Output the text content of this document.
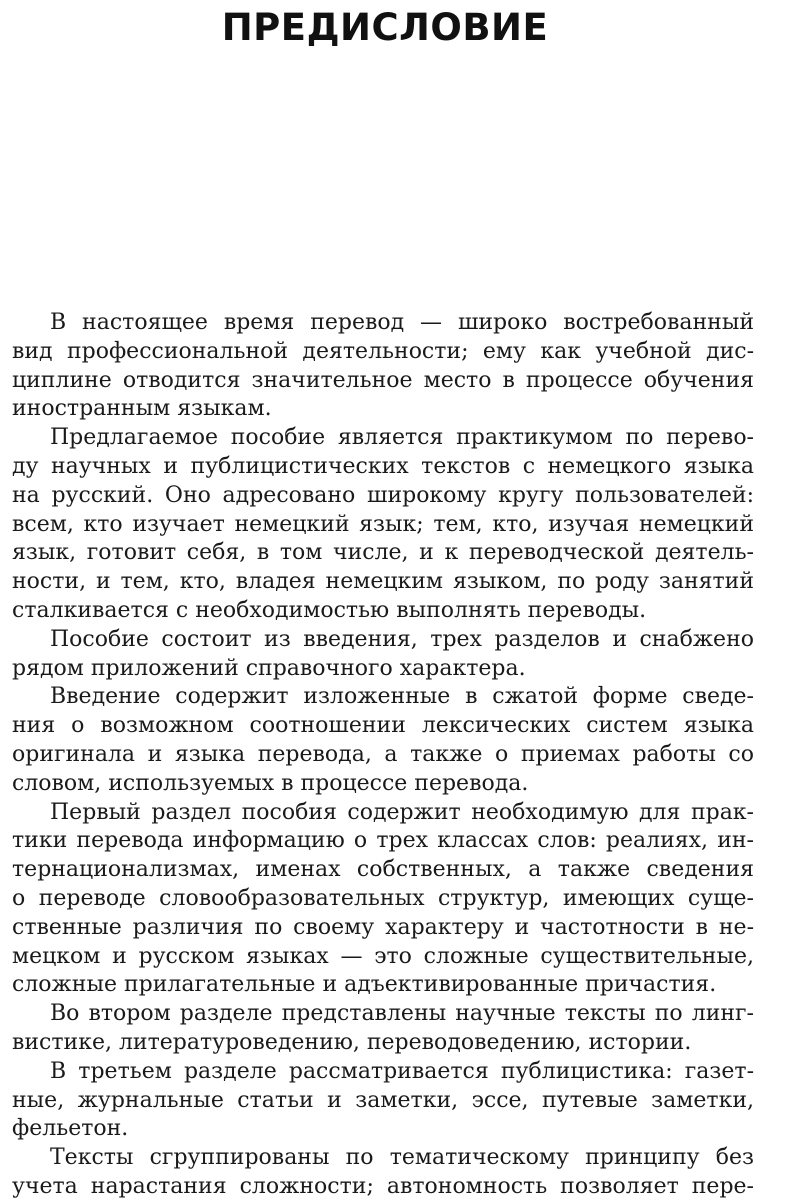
ПРЕДИСЛОВИЕ

В настоящее время перевод — широко востребованный
вид профессиональной деятельности; ему как учебной дис-
циплине отводится значительное место в процессе обучения
иностранным языкам.

Предлагаемое пособие является практикумом по перево-
ду научных и публицистических текстов с немецкого языка
на русский. Оно адресовано широкому кругу пользователей:
всем, кто изучает немецкий язык; тем, кто, изучая немецкий
язык, готовит себя, в том числе, и к переводческой деятель-
ности, и тем, кто, владея немецким языком, по роду занятий
сталкивается с необходимостью выполнять переводы.

Пособие состоит из введения, трех разделов и снабжено
рядом приложений справочного характера.

Введение содержит изложенные в сжатой форме сведе-
ния о возможном соотношении лексических систем языка
оригинала и языка перевода, а также о приемах работы со
словом, используемых в процессе перевода.

Первый раздел пособия содержит необходимую для прак-
тики перевода информацию о трех классах слов: реалиях, ин-
тернационализмах, именах собственных, а также сведения
о переводе словообразовательных структур, имеющих суще-
ственные различия по своему характеру и частотности в не-
мецком и русском языках — это сложные существительные,
сложные прилагательные и адъективированные причастия.

Во втором разделе представлены научные тексты по линг-
вистике, литературоведению, переводоведению, истории.

В третьем разделе рассматривается публицистика: газет-
ные, журнальные статьи и заметки, эссе, путевые заметки,
фельетон.

Тексты сгруппированы по тематическому принципу без
учета нарастания сложности; автономность позволяет пере-
